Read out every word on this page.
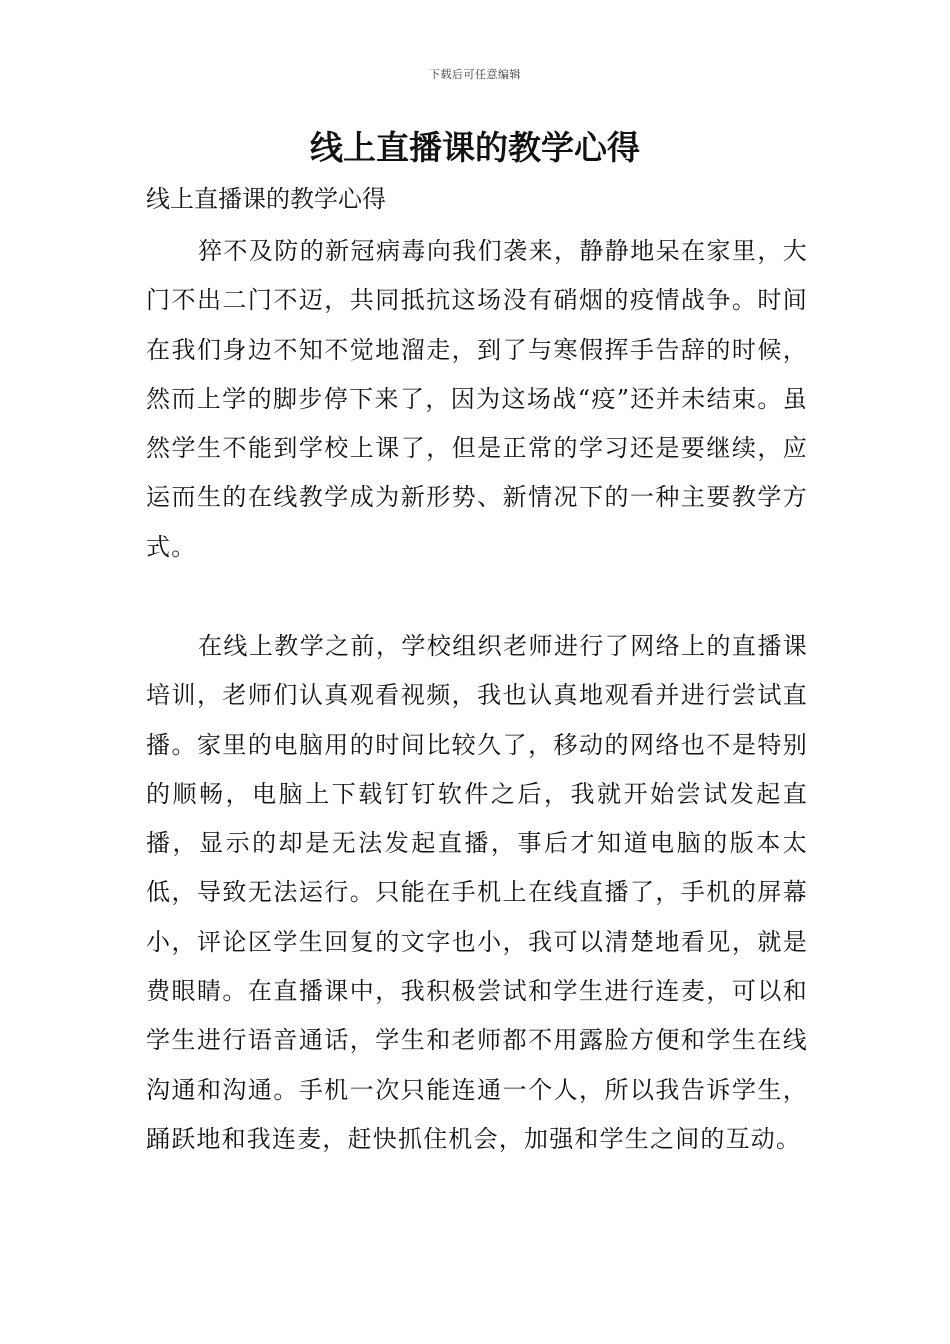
下载后可任意编辑
线上直播课的教学心得

线上直播课的教学心得

猝不及防的新冠病毒向我们袭来，静静地呆在家里，大门不出二门不迈，共同抵抗这场没有硝烟的疫情战争。时间在我们身边不知不觉地溜走，到了与寒假挥手告辞的时候，然而上学的脚步停下来了，因为这场战“疫”还并未结束。虽然学生不能到学校上课了，但是正常的学习还是要继续，应运而生的在线教学成为新形势、新情况下的一种主要教学方式。

在线上教学之前，学校组织老师进行了网络上的直播课培训，老师们认真观看视频，我也认真地观看并进行尝试直播。家里的电脑用的时间比较久了，移动的网络也不是特别的顺畅，电脑上下载钉钉软件之后，我就开始尝试发起直播，显示的却是无法发起直播，事后才知道电脑的版本太低，导致无法运行。只能在手机上在线直播了，手机的屏幕小，评论区学生回复的文字也小，我可以清楚地看见，就是费眼睛。在直播课中，我积极尝试和学生进行连麦，可以和学生进行语音通话，学生和老师都不用露脸方便和学生在线沟通和沟通。手机一次只能连通一个人，所以我告诉学生，踊跃地和我连麦，赶快抓住机会，加强和学生之间的互动。
